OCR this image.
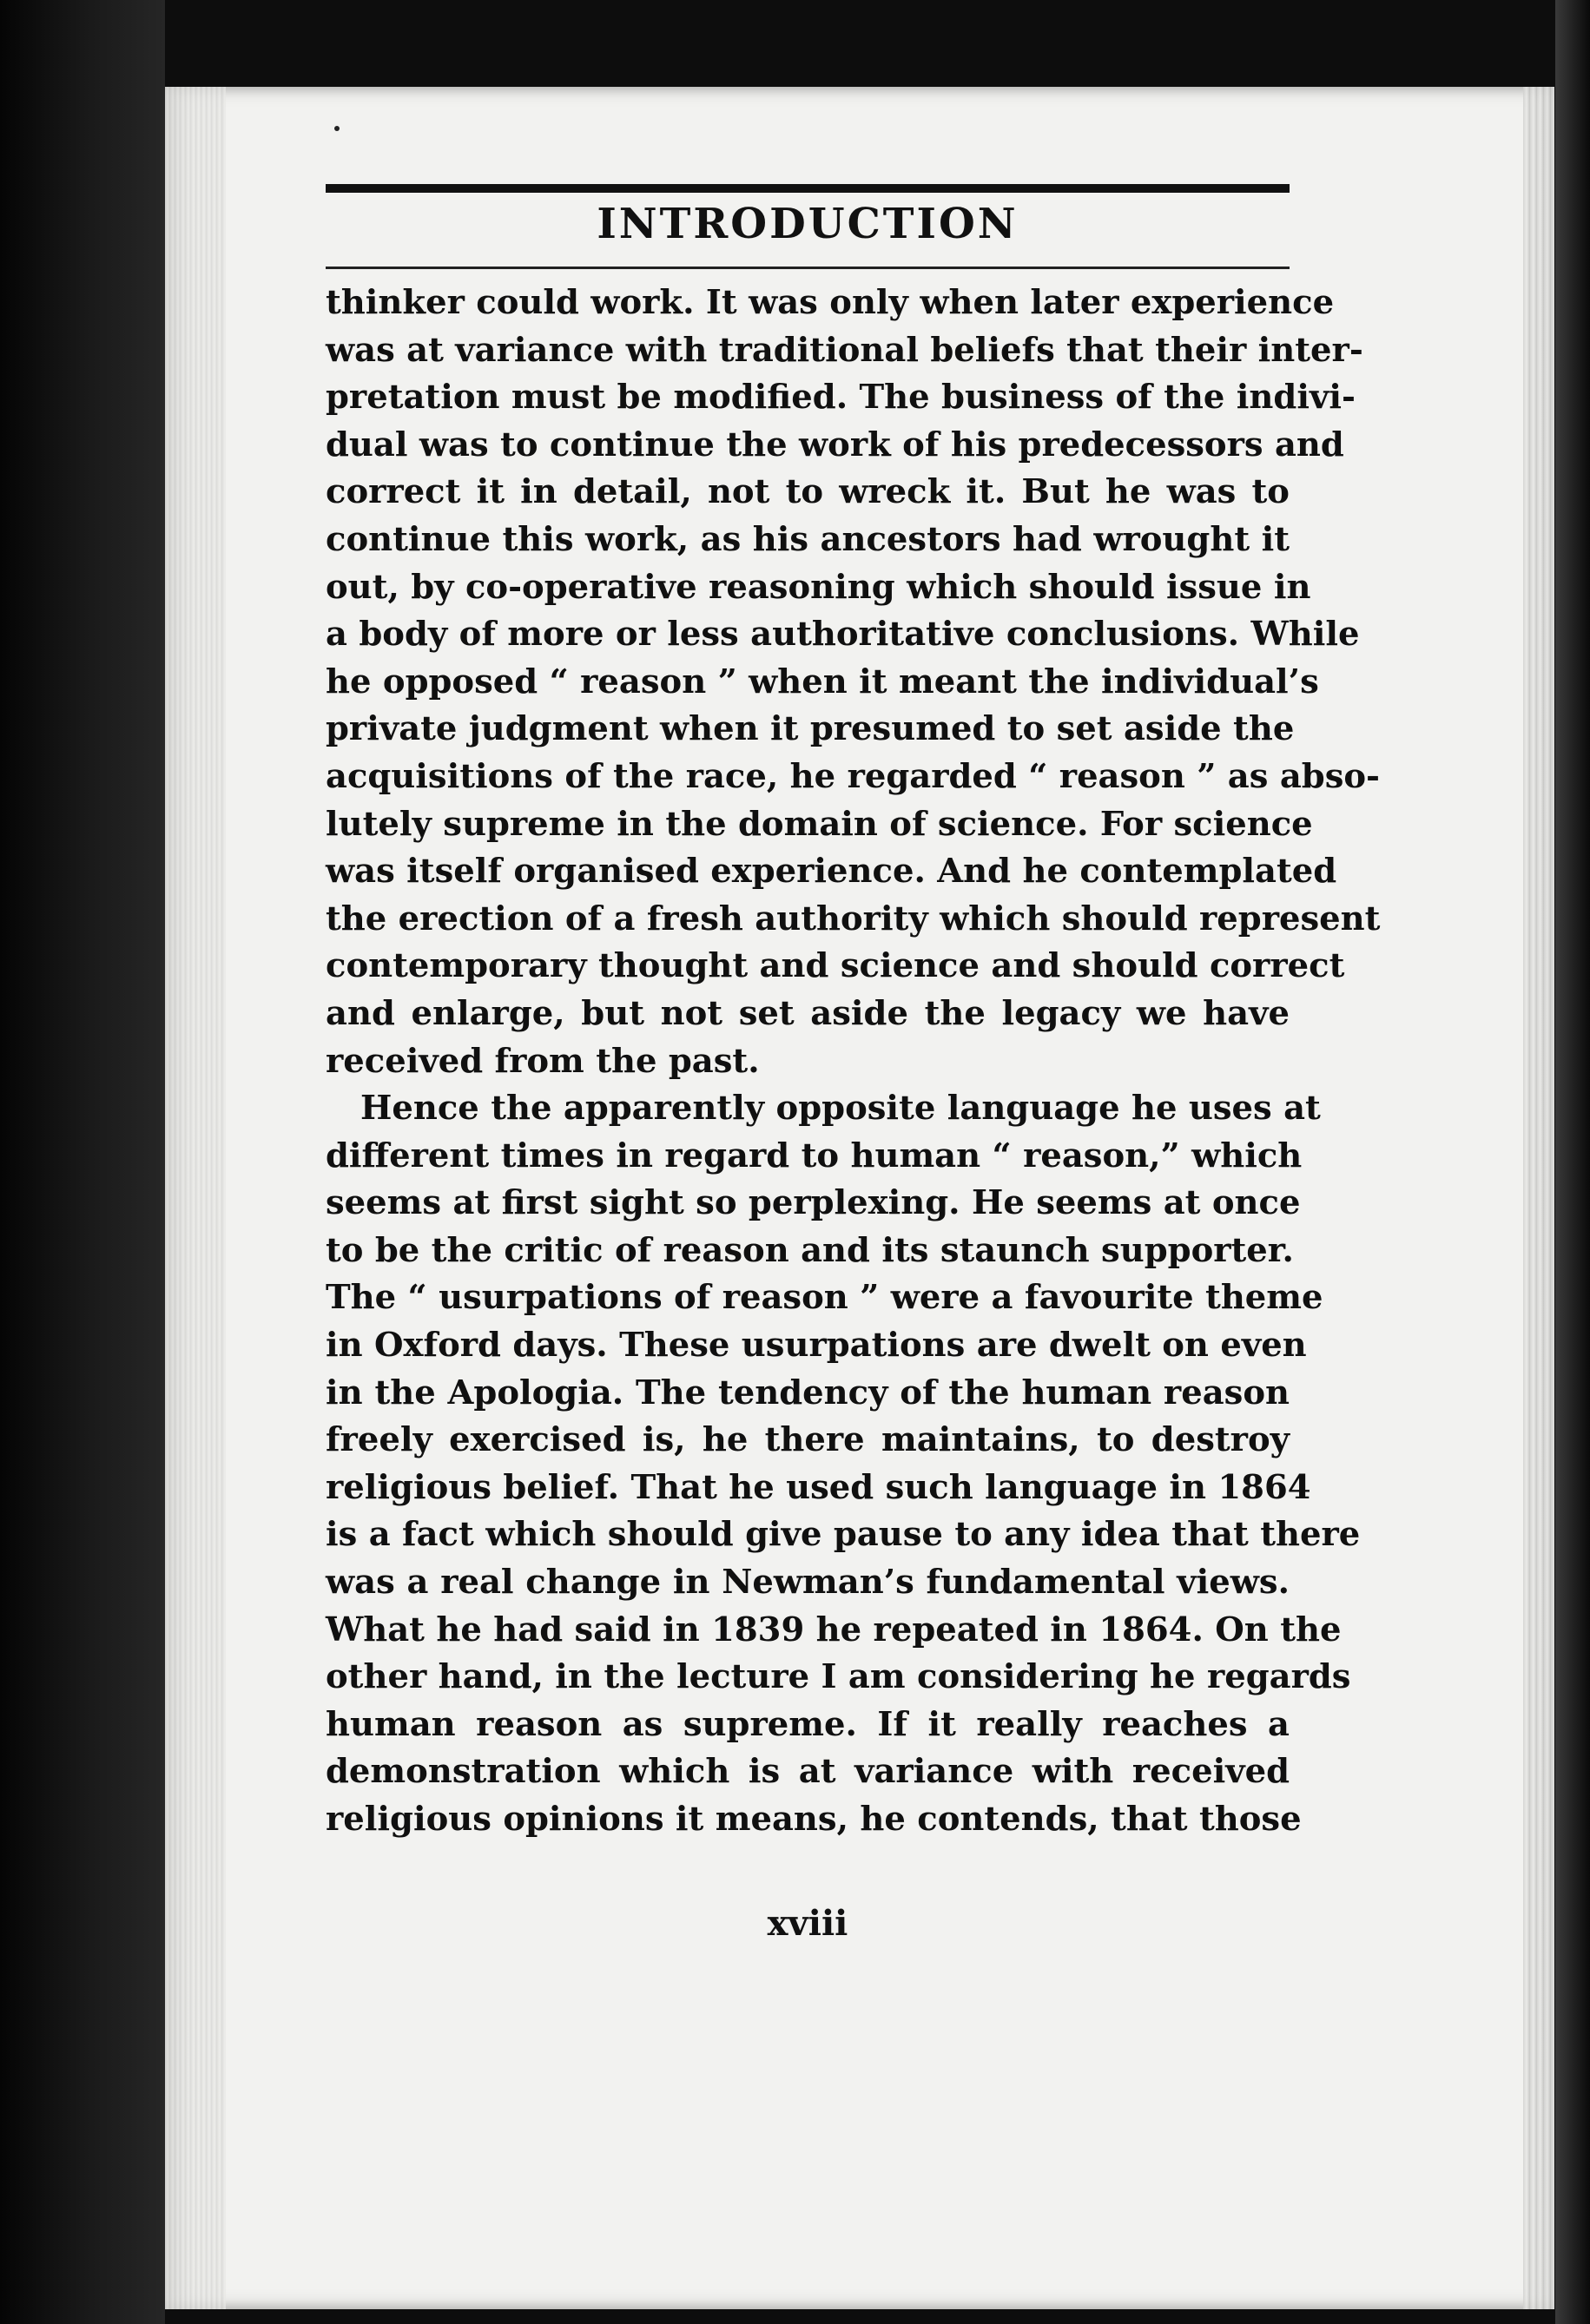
INTRODUCTION
thinker could work. It was only when later experience
was at variance with traditional beliefs that their inter-
pretation must be modified. The business of the indivi-
dual was to continue the work of his predecessors and
correct it in detail, not to wreck it. But he was to
continue this work, as his ancestors had wrought it
out, by co-operative reasoning which should issue in
a body of more or less authoritative conclusions. While
he opposed “ reason ” when it meant the individual’s
private judgment when it presumed to set aside the
acquisitions of the race, he regarded “ reason ” as abso-
lutely supreme in the domain of science. For science
was itself organised experience. And he contemplated
the erection of a fresh authority which should represent
contemporary thought and science and should correct
and enlarge, but not set aside the legacy we have
received from the past.
Hence the apparently opposite language he uses at
different times in regard to human “ reason,” which
seems at first sight so perplexing. He seems at once
to be the critic of reason and its staunch supporter.
The “ usurpations of reason ” were a favourite theme
in Oxford days. These usurpations are dwelt on even
in the Apologia. The tendency of the human reason
freely exercised is, he there maintains, to destroy
religious belief. That he used such language in 1864
is a fact which should give pause to any idea that there
was a real change in Newman’s fundamental views.
What he had said in 1839 he repeated in 1864. On the
other hand, in the lecture I am considering he regards
human reason as supreme. If it really reaches a
demonstration which is at variance with received
religious opinions it means, he contends, that those
xviii
